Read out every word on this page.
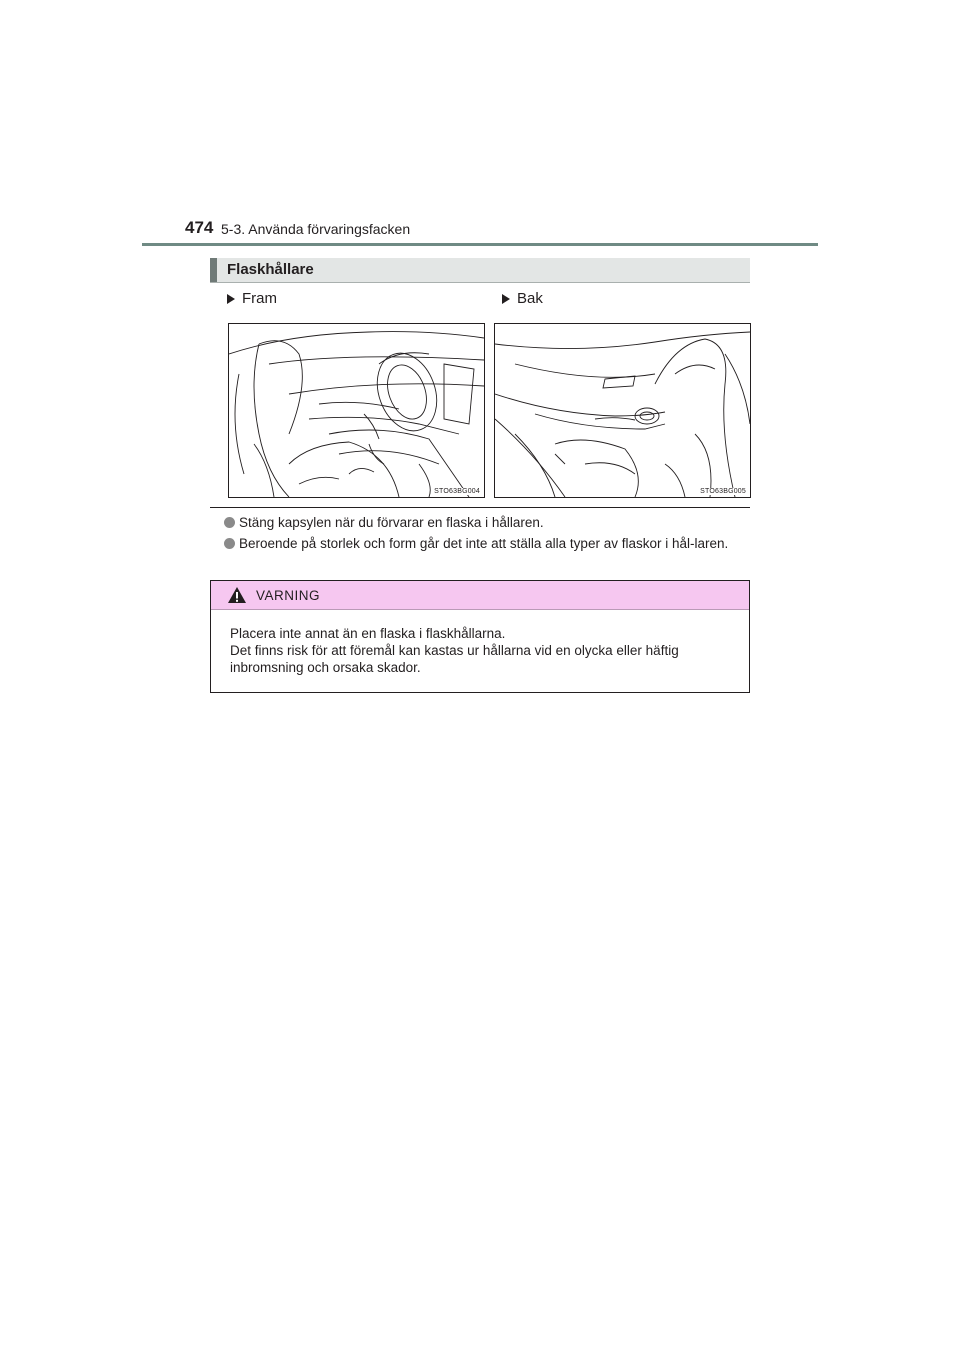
474 5-3. Använda förvaringsfacken
Flaskhållare
Fram	Bak
STO63BG004	STO63BG005
Stäng kapsylen när du förvarar en flaska i hållaren.
Beroende på storlek och form går det inte att ställa alla typer av flaskor i hål-laren.
VARNING

Placera inte annat än en flaska i flaskhållarna.

Det finns risk för att föremål kan kastas ur hållarna vid en olycka eller häftig inbromsning och orsaka skador.
